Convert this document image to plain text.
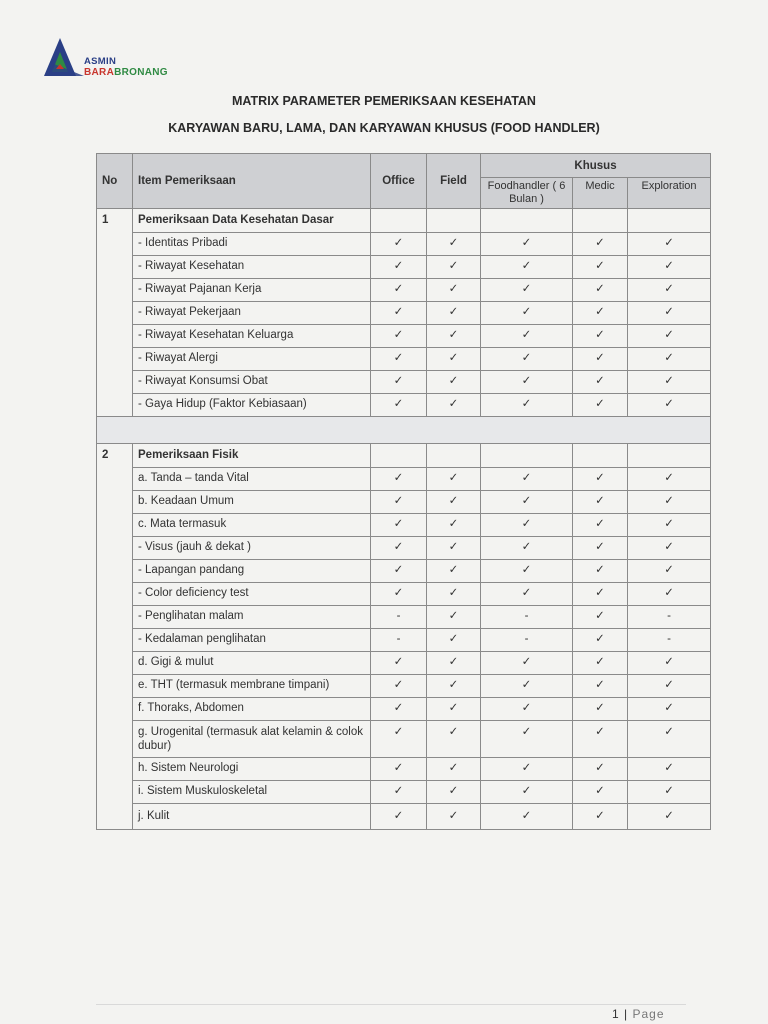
ASMIN
BARABRONANG
MATRIX PARAMETER PEMERIKSAAN KESEHATAN
KARYAWAN BARU, LAMA, DAN KARYAWAN KHUSUS (FOOD HANDLER)
No	Item Pemeriksaan	Office	Field	Khusus		
				Foodhandler ( 6 Bulan )	Medic	Exploration
1	Pemeriksaan Data Kesehatan Dasar					
	- Identitas Pribadi	✓	✓	✓	✓	✓
	- Riwayat Kesehatan	✓	✓	✓	✓	✓
	- Riwayat Pajanan Kerja	✓	✓	✓	✓	✓
	- Riwayat Pekerjaan	✓	✓	✓	✓	✓
	- Riwayat Kesehatan Keluarga	✓	✓	✓	✓	✓
	- Riwayat Alergi	✓	✓	✓	✓	✓
	- Riwayat Konsumsi Obat	✓	✓	✓	✓	✓
	- Gaya Hidup (Faktor Kebiasaan)	✓	✓	✓	✓	✓

2	Pemeriksaan Fisik					
	a. Tanda – tanda Vital	✓	✓	✓	✓	✓
	b. Keadaan Umum	✓	✓	✓	✓	✓
	c. Mata termasuk	✓	✓	✓	✓	✓
	- Visus (jauh & dekat )	✓	✓	✓	✓	✓
	- Lapangan pandang	✓	✓	✓	✓	✓
	- Color deficiency test	✓	✓	✓	✓	✓
	- Penglihatan malam	-	✓	-	✓	-
	- Kedalaman penglihatan	-	✓	-	✓	-
	d. Gigi & mulut	✓	✓	✓	✓	✓
	e. THT (termasuk membrane timpani)	✓	✓	✓	✓	✓
	f. Thoraks, Abdomen	✓	✓	✓	✓	✓
	g. Urogenital (termasuk alat kelamin & colok dubur)	✓	✓	✓	✓	✓
	h. Sistem Neurologi	✓	✓	✓	✓	✓
	i. Sistem Muskuloskeletal	✓	✓	✓	✓	✓
	j. Kulit	✓	✓	✓	✓	✓
1 | Page
